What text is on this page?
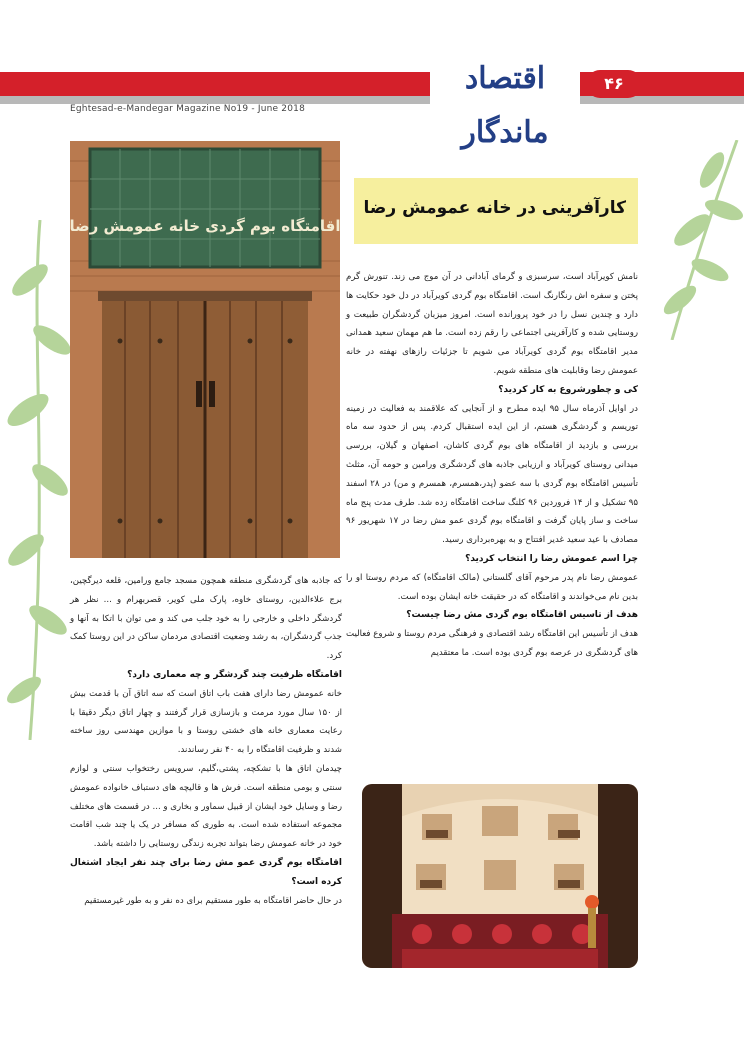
اقتصاد ماندگار
۴۶
Eghtesad-e-Mandegar Magazine No19 - June 2018
اقامتگاه بوم گردی خانه عمومش رضا
کارآفرینی در خانه عمومش رضا

نامش کویرآباد است، سرسبزی و گرمای آبادانی در آن موج می زند. تنورش گرم پختن و سفره اش رنگارنگ است. اقامتگاه بوم گردی کویرآباد در دل خود حکایت ها دارد و چندین نسل را در خود پرورانده است. امروز میزبان گردشگران طبیعت و روستایی شده و کارآفرینی اجتماعی را رقم زده است. ما هم مهمان سعید همدانی مدیر اقامتگاه بوم گردی کویرآباد می شویم تا جزئیات رازهای نهفته در خانه عمومش رضا وقابلیت های منطقه شویم.

کی و چطورشروع به کار کردید؟

در اوایل آذرماه سال ۹۵ ایده مطرح و از آنجایی که علاقمند به فعالیت در زمینه توریسم و گردشگری هستم، از این ایده استقبال کردم. پس از حدود سه ماه بررسی و بازدید از اقامتگاه های بوم گردی کاشان، اصفهان و گیلان، بررسی میدانی روستای کویرآباد و ارزیابی جاذبه های گردشگری ورامین و حومه آن، مثلث تأسیس اقامتگاه بوم گردی با سه عضو (پدر،همسرم، همسرم و من) در ۲۸ اسفند ۹۵ تشکیل و از ۱۴ فروردین ۹۶ کلنگ ساخت اقامتگاه زده شد. طرف مدت پنج ماه ساخت و ساز پایان گرفت و اقامتگاه بوم گردی عمو مش رضا در ۱۷ شهریور ۹۶ مصادف با عید سعید غدیر افتتاح و به بهره‌برداری رسید.

چرا اسم عمومش رضا را انتخاب کردید؟

عمومش رضا نام پدر مرحوم آقای گلستانی (مالک اقامتگاه) که مردم روستا او را بدین نام می‌خواندند و اقامتگاه که در حقیقت خانه ایشان بوده است.

هدف از تاسیس اقامتگاه بوم گردی مش رضا چیست؟

هدف از تأسیس این اقامتگاه رشد اقتصادی و فرهنگی مردم روستا و شروع فعالیت های گردشگری در عرصه بوم گردی بوده است. ما معتقدیم

که جاذبه های گردشگری منطقه همچون مسجد جامع ورامین، قلعه دیرگچین، برج علاءالدین، روستای خاوه، پارک ملی کویر، قصربهرام و ... نظر هر گردشگر داخلی و خارجی را به خود جلب می کند و می توان با اتکا به آنها و جذب گردشگران، به رشد وضعیت اقتصادی مردمان ساکن در این روستا کمک کرد.

اقامتگاه ظرفیت چند گردشگر و چه معماری دارد؟

خانه عمومش رضا دارای هفت باب اتاق است که سه اتاق آن با قدمت بیش از ۱۵۰ سال مورد مرمت و بازسازی قرار گرفتند و چهار اتاق دیگر دقیقا با رعایت معماری خانه های خشتی روستا و با موازین مهندسی روز ساخته شدند و ظرفیت اقامتگاه را به ۴۰ نفر رساندند.

چیدمان اتاق ها با تشکچه، پشتی،گلیم، سرویس رختخواب سنتی و لوازم سنتی و بومی منطقه است. فرش ها و قالیچه های دستباف خانواده عمومش رضا و وسایل خود ایشان از قبیل سماور و بخاری و ... در قسمت های مختلف مجموعه استفاده شده است. به طوری که مسافر در یک یا چند شب اقامت خود در خانه عمومش رضا بتواند تجربه زندگی روستایی را داشته باشد.

اقامتگاه بوم گردی عمو مش رضا برای چند نفر ایجاد اشتغال کرده است؟

در حال حاضر اقامتگاه به طور مستقیم برای ده نفر و به طور غیرمستقیم
